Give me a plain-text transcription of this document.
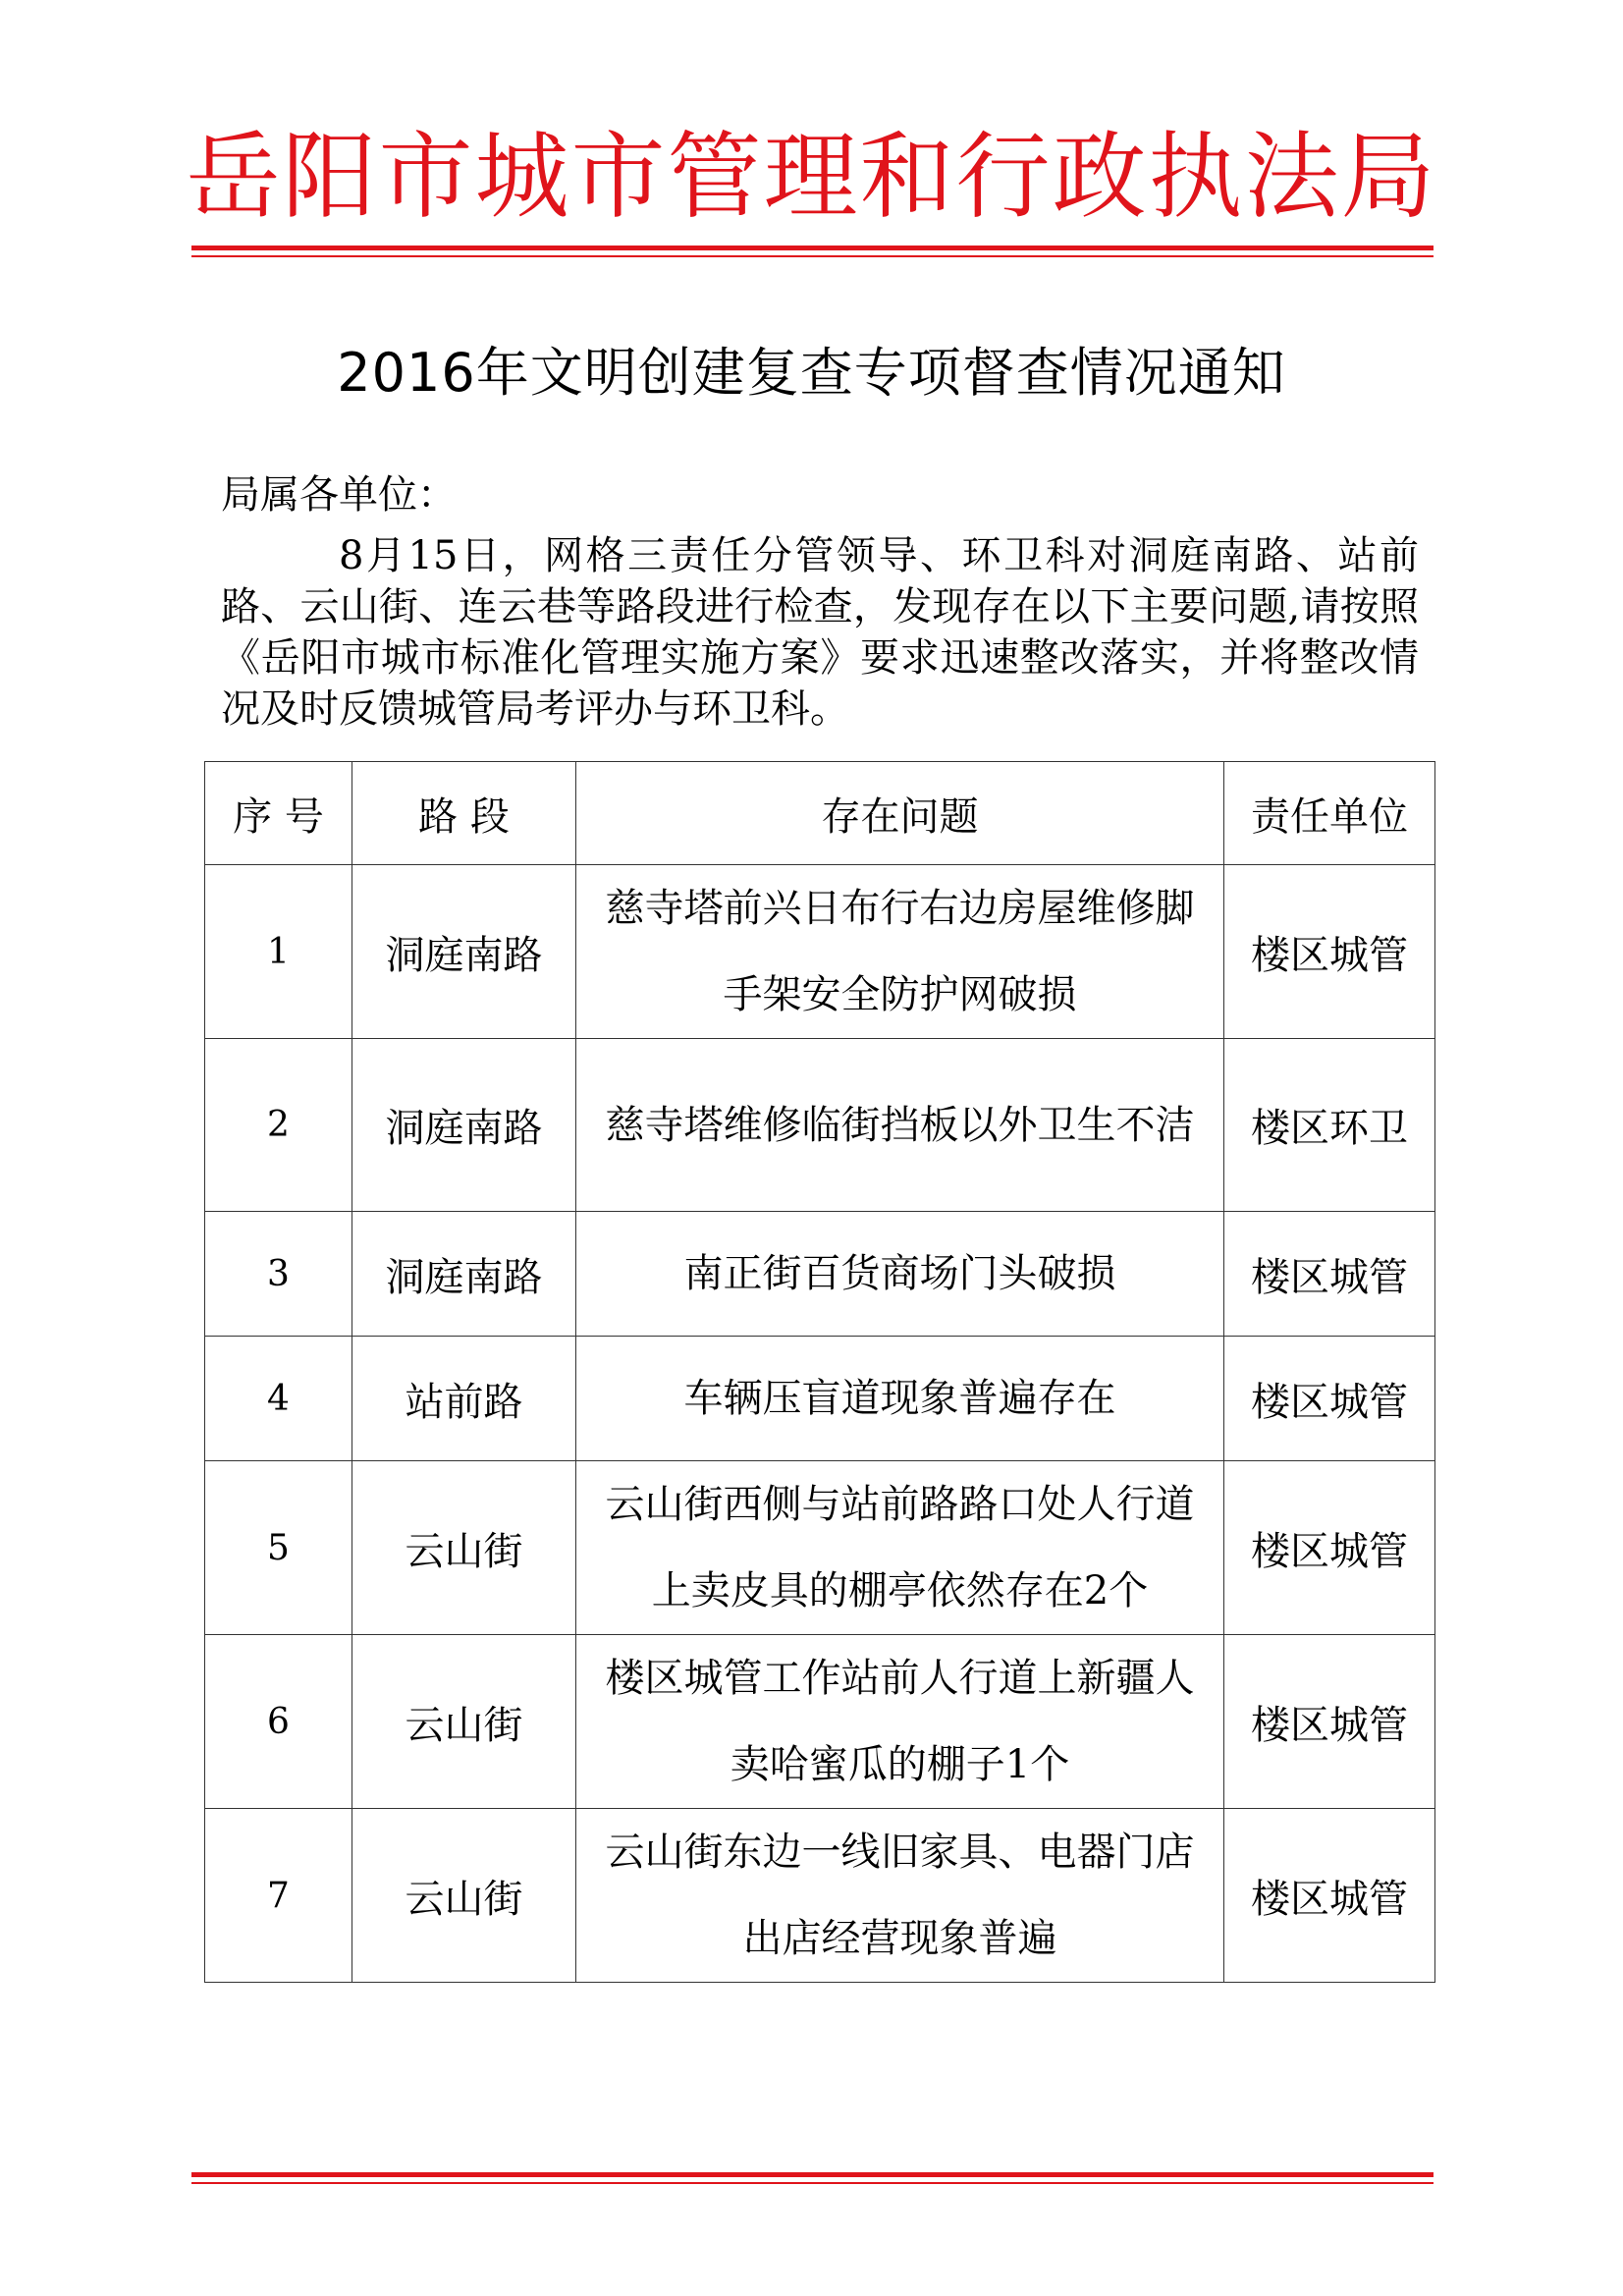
岳阳市城市管理和行政执法局
2016年文明创建复查专项督查情况通知
局属各单位：
8月15日，网格三责任分管领导、环卫科对洞庭南路、站前路、云山街、连云巷等路段进行检查，发现存在以下主要问题,请按照《岳阳市城市标准化管理实施方案》要求迅速整改落实，并将整改情况及时反馈城管局考评办与环卫科。
序 号	路 段	存在问题	责任单位
1	洞庭南路	慈寺塔前兴日布行右边房屋维修脚手架安全防护网破损	楼区城管
2	洞庭南路	慈寺塔维修临街挡板以外卫生不洁	楼区环卫
3	洞庭南路	南正街百货商场门头破损	楼区城管
4	站前路	车辆压盲道现象普遍存在	楼区城管
5	云山街	云山街西侧与站前路路口处人行道上卖皮具的棚亭依然存在2个	楼区城管
6	云山街	楼区城管工作站前人行道上新疆人卖哈蜜瓜的棚子1个	楼区城管
7	云山街	云山街东边一线旧家具、电器门店出店经营现象普遍	楼区城管
